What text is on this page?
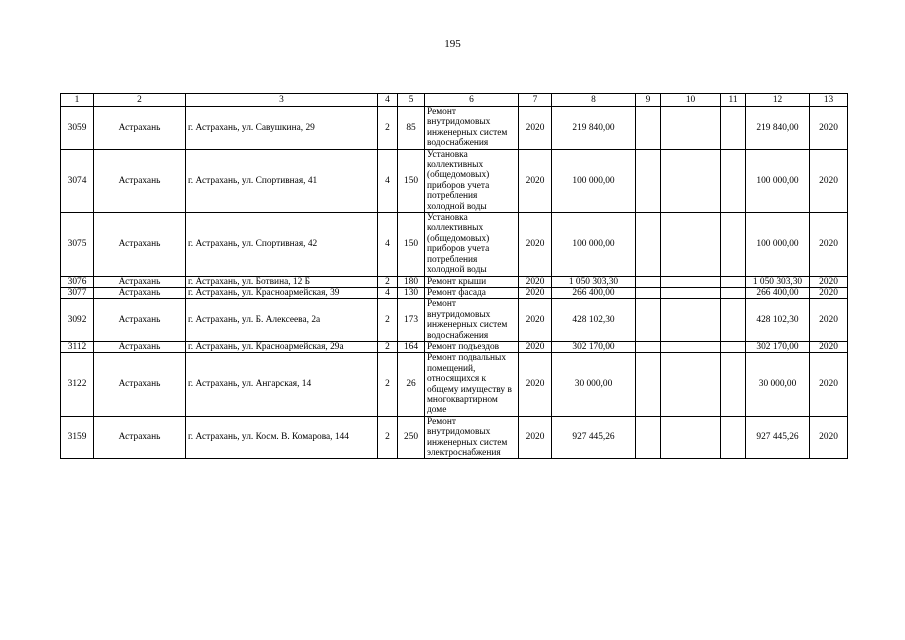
195
1	2	3	4	5	6	7	8	9	10	11	12	13
3059	Астрахань	г. Астрахань, ул. Савушкина, 29	2	85	Ремонт внутридомовых инженерных систем водоснабжения	2020	219 840,00				219 840,00	2020
3074	Астрахань	г. Астрахань, ул. Спортивная, 41	4	150	Установка коллективных (общедомовых) приборов учета потребления холодной воды	2020	100 000,00				100 000,00	2020
3075	Астрахань	г. Астрахань, ул. Спортивная, 42	4	150	Установка коллективных (общедомовых) приборов учета потребления холодной воды	2020	100 000,00				100 000,00	2020
3076	Астрахань	г. Астрахань, ул. Ботвина, 12 Б	2	180	Ремонт крыши	2020	1 050 303,30				1 050 303,30	2020
3077	Астрахань	г. Астрахань, ул. Красноармейская, 39	4	130	Ремонт фасада	2020	266 400,00				266 400,00	2020
3092	Астрахань	г. Астрахань, ул. Б. Алексеева, 2а	2	173	Ремонт внутридомовых инженерных систем водоснабжения	2020	428 102,30				428 102,30	2020
3112	Астрахань	г. Астрахань, ул. Красноармейская, 29а	2	164	Ремонт подъездов	2020	302 170,00				302 170,00	2020
3122	Астрахань	г. Астрахань, ул. Ангарская, 14	2	26	Ремонт подвальных помещений, относящихся к общему имуществу в многоквартирном доме	2020	30 000,00				30 000,00	2020
3159	Астрахань	г. Астрахань, ул. Косм. В. Комарова, 144	2	250	Ремонт внутридомовых инженерных систем электроснабжения	2020	927 445,26				927 445,26	2020
